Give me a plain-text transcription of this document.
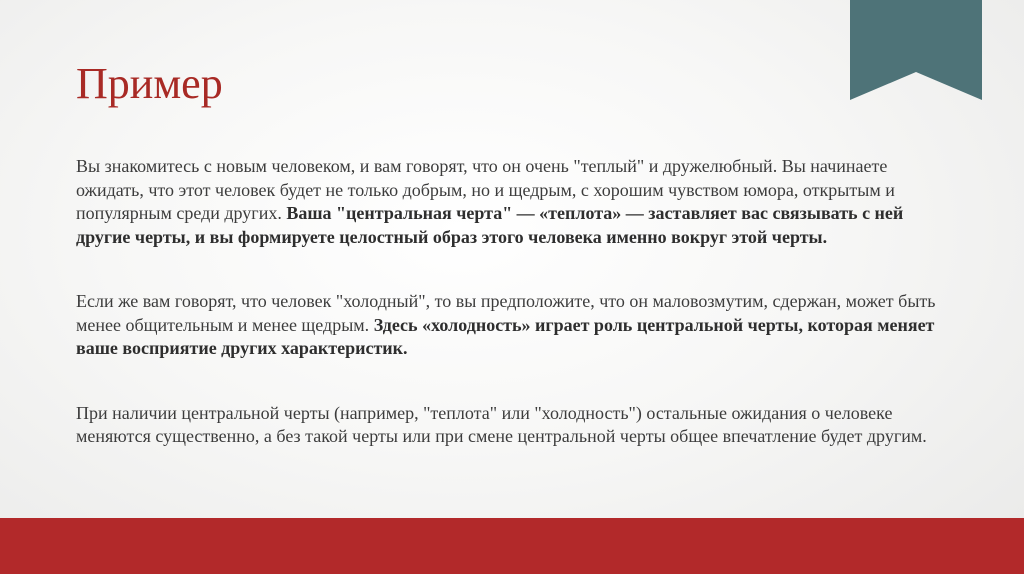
Пример

Вы знакомитесь с новым человеком, и вам говорят, что он очень "теплый" и дружелюбный. Вы начинаете ожидать, что этот человек будет не только добрым, но и щедрым, с хорошим чувством юмора, открытым и популярным среди других. Ваша "центральная черта" — «теплота» — заставляет вас связывать с ней другие черты, и вы формируете целостный образ этого человека именно вокруг этой черты.

Если же вам говорят, что человек "холодный", то вы предположите, что он маловозмутим, сдержан, может быть менее общительным и менее щедрым. Здесь «холодность» играет роль центральной черты, которая меняет ваше восприятие других характеристик.

При наличии центральной черты (например, "теплота" или "холодность") остальные ожидания о человеке меняются существенно, а без такой черты или при смене центральной черты общее впечатление будет другим.
